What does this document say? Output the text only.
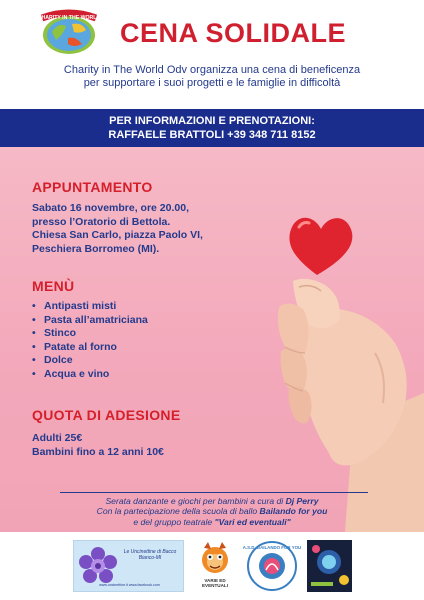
CHARITY IN THE WORLD CENA SOLIDALE
Charity in The World Odv organizza una cena di beneficenza
per supportare i suoi progetti e le famiglie in difficoltà
PER INFORMAZIONI E PRENOTAZIONI:
RAFFAELE BRATTOLI +39 348 711 8152
APPUNTAMENTO
Sabato 16 novembre, ore 20.00,
presso l’Oratorio di Bettola.
Chiesa San Carlo, piazza Paolo VI,
Peschiera Borromeo (MI).
MENÙ
• Antipasti misti
• Pasta all’amatriciana
• Stinco
• Patate al forno
• Dolce
• Acqua e vino
QUOTA DI ADESIONE
Adulti 25€
Bambini fino a 12 anni 10€
Serata danzante e giochi per bambini a cura di Dj Perry
Con la partecipazione della scuola di ballo Bailando for you
e del gruppo teatrale "Vari ed eventuali"
Le Uncinettine di Bacco Bianco-MI
www.uncinettine.it www.facebook.com
VARIE ED EVENTUALI
A.S.D. BAILANDO FOR YOU
